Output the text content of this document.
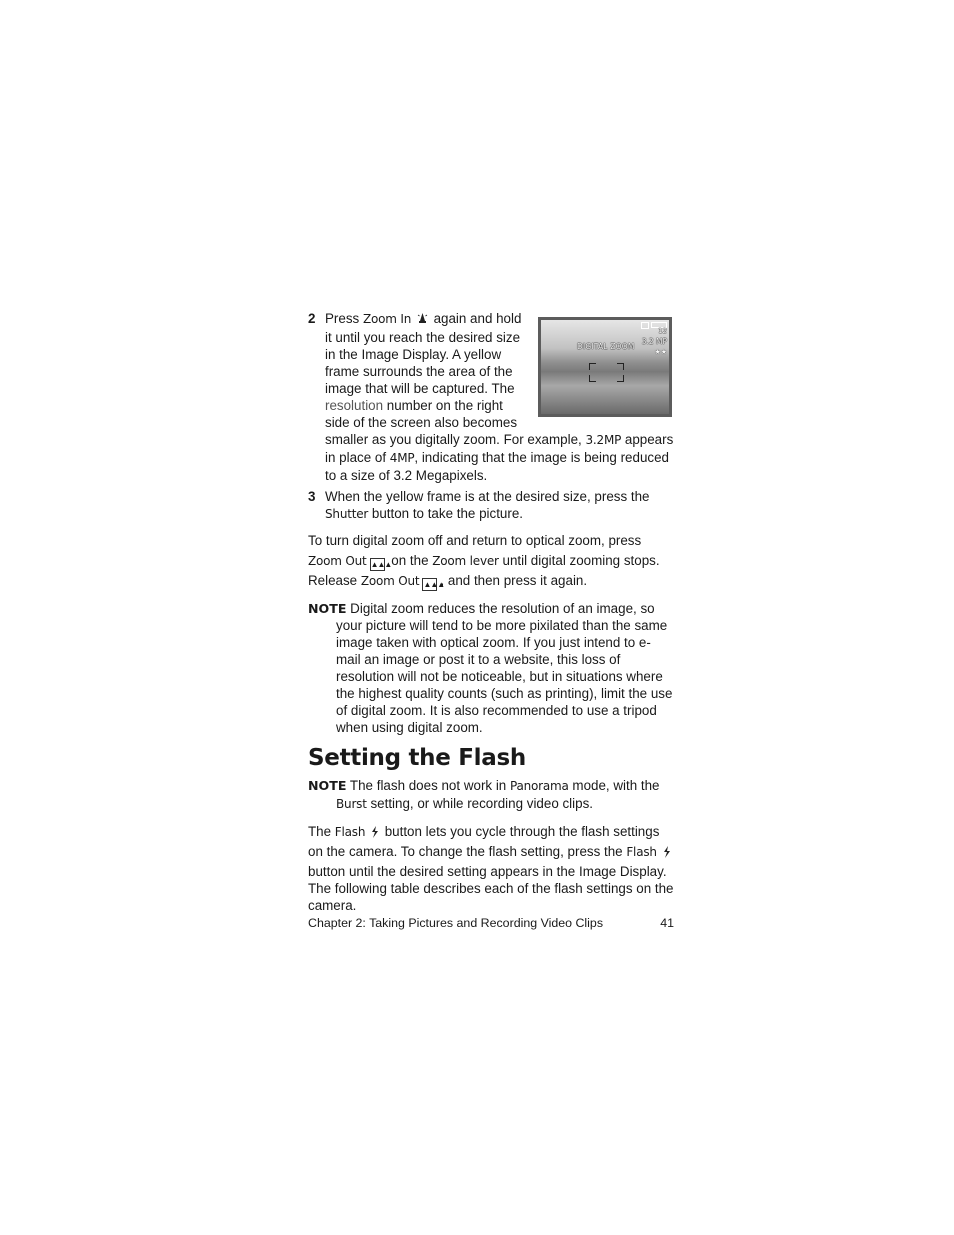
2
12
DIGITAL ZOOM
3.2 MP
★★

Press Zoom In  again and hold it until you reach the desired size in the Image Display. A yellow frame surrounds the area of the image that will be captured. The resolution number on the right side of the screen also becomes smaller as you digitally zoom. For example, 3.2MP appears in place of 4MP, indicating that the image is being reduced to a size of 3.2 Megapixels.

3 When the yellow frame is at the desired size, press the Shutter button to take the picture.

To turn digital zoom off and return to optical zoom, press Zoom Out ▲▲▲ on the Zoom lever until digital zooming stops. Release Zoom Out ▲▲▲, and then press it again.

NOTE Digital zoom reduces the resolution of an image, so your picture will tend to be more pixilated than the same image taken with optical zoom. If you just intend to e-mail an image or post it to a website, this loss of resolution will not be noticeable, but in situations where the highest quality counts (such as printing), limit the use of digital zoom. It is also recommended to use a tripod when using digital zoom.

Setting the Flash

NOTE The flash does not work in Panorama mode, with the Burst setting, or while recording video clips.

The Flash  button lets you cycle through the flash settings on the camera. To change the flash setting, press the Flash  button until the desired setting appears in the Image Display. The following table describes each of the flash settings on the camera.

Chapter 2: Taking Pictures and Recording Video Clips	41
